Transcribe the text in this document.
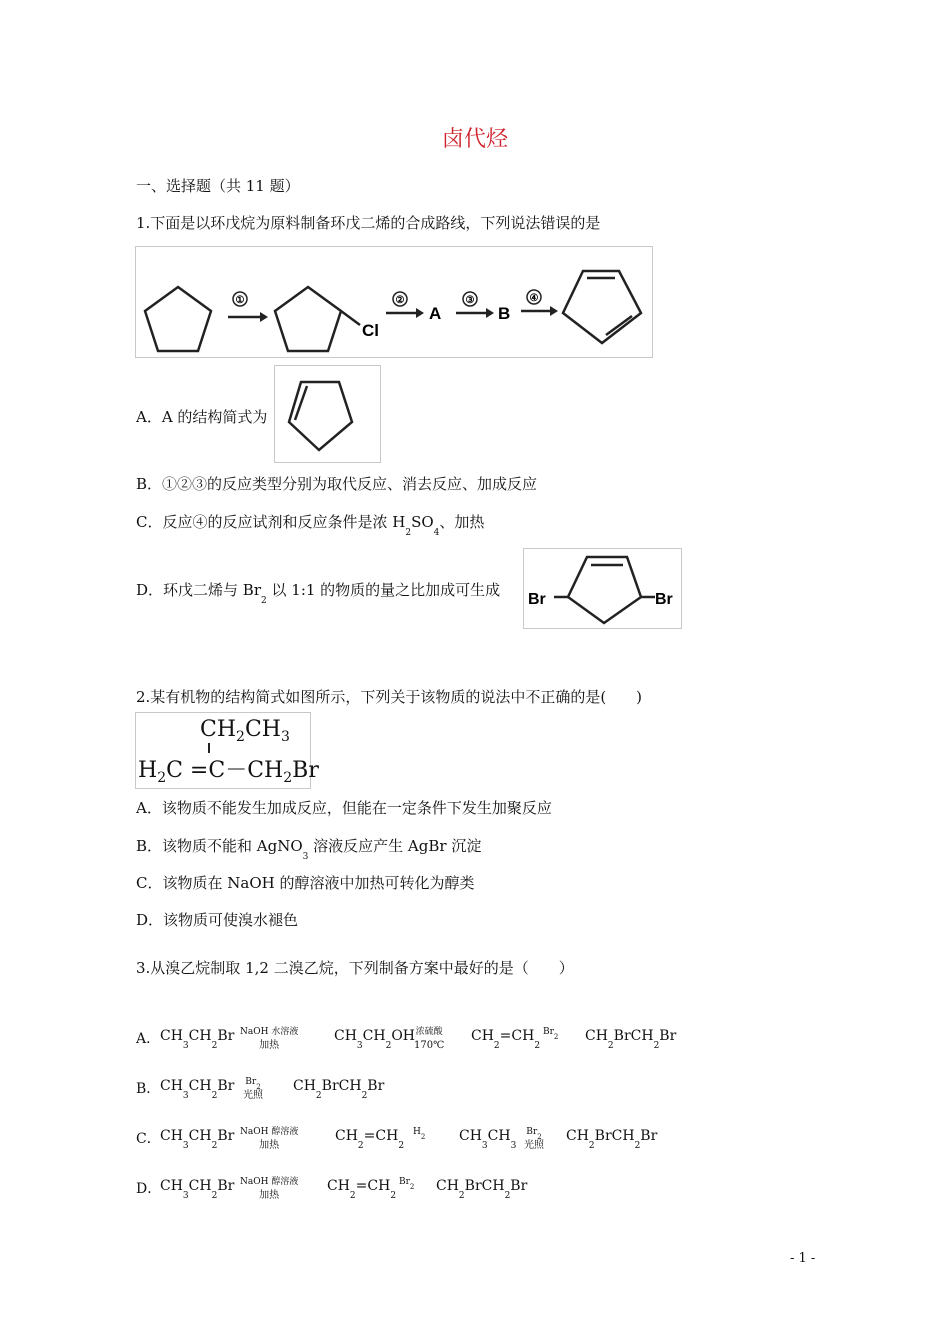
卤代烃
一、选择题（共 11 题）
1.下面是以环戊烷为原料制备环戊二烯的合成路线，下列说法错误的是
①
Cl
②
A
③
B
④
A．A 的结构简式为
B．①②③的反应类型分别为取代反应、消去反应、加成反应
C．反应④的反应试剂和反应条件是浓 $H_2SO_4$、加热
D．环戊二烯与 $Br_2$ 以 1:1 的物质的量之比加成可生成
Br	Br
2.某有机物的结构简式如图所示，下列关于该物质的说法中不正确的是(　　)
$CH_2CH_3$
$H_2C =C-CH_2Br$
A．该物质不能发生加成反应，但能在一定条件下发生加聚反应
B．该物质不能和 AgNO$_3$ 溶液反应产生 AgBr 沉淀
C．该物质在 NaOH 的醇溶液中加热可转化为醇类
D．该物质可使溴水褪色
3.从溴乙烷制取 1,2 二溴乙烷，下列制备方案中最好的是（　　）
A． $CH_3CH_2Br$ NaOH 水溶液
加热
$CH_3CH_2OH$ 浓硫酸
170℃
$CH_2=CH_2$
$Br_2$ $CH_2BrCH_2Br$
B． $CH_3CH_2Br$ $Br_2$
光照
$CH_2BrCH_2Br$
C． $CH_3CH_2Br$ NaOH 醇溶液
加热
$CH_2=CH_2$
$H_2$ $CH_3CH_3$
$Br_2$
光照
$CH_2BrCH_2Br$
D．
$CH_3CH_2Br$ NaOH 醇溶液
加热
$CH_2=CH_2$
$Br_2$ $CH_2BrCH_2Br$
- 1 -
